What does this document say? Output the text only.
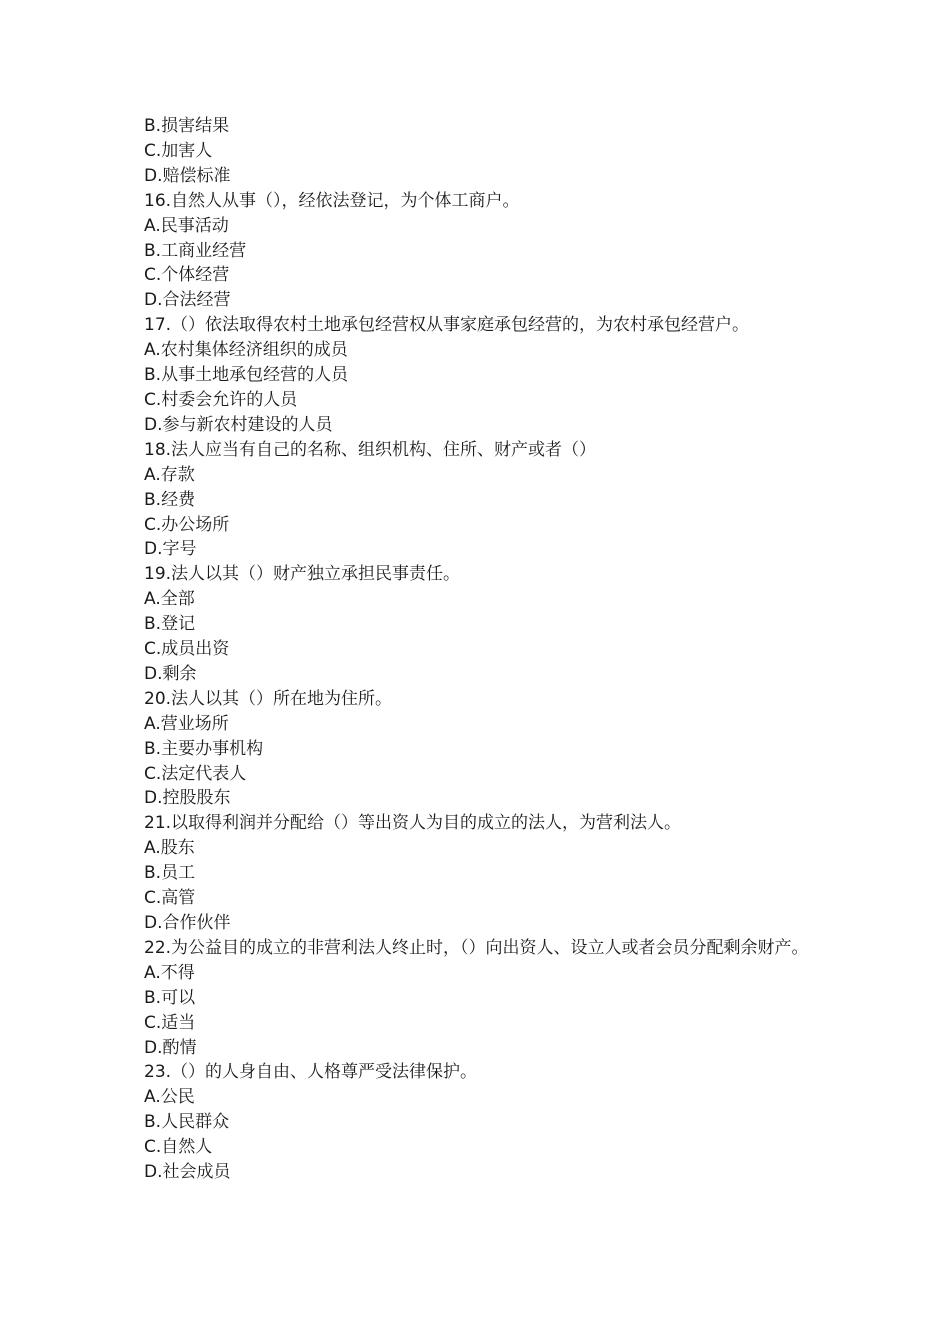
B.损害结果
C.加害人
D.赔偿标准
16.自然人从事（），经依法登记，为个体工商户。
A.民事活动
B.工商业经营
C.个体经营
D.合法经营
17.（）依法取得农村土地承包经营权从事家庭承包经营的，为农村承包经营户。
A.农村集体经济组织的成员
B.从事土地承包经营的人员
C.村委会允许的人员
D.参与新农村建设的人员
18.法人应当有自己的名称、组织机构、住所、财产或者（）
A.存款
B.经费
C.办公场所
D.字号
19.法人以其（）财产独立承担民事责任。
A.全部
B.登记
C.成员出资
D.剩余
20.法人以其（）所在地为住所。
A.营业场所
B.主要办事机构
C.法定代表人
D.控股股东
21.以取得利润并分配给（）等出资人为目的成立的法人，为营利法人。
A.股东
B.员工
C.高管
D.合作伙伴
22.为公益目的成立的非营利法人终止时，（）向出资人、设立人或者会员分配剩余财产。
A.不得
B.可以
C.适当
D.酌情
23.（）的人身自由、人格尊严受法律保护。
A.公民
B.人民群众
C.自然人
D.社会成员
